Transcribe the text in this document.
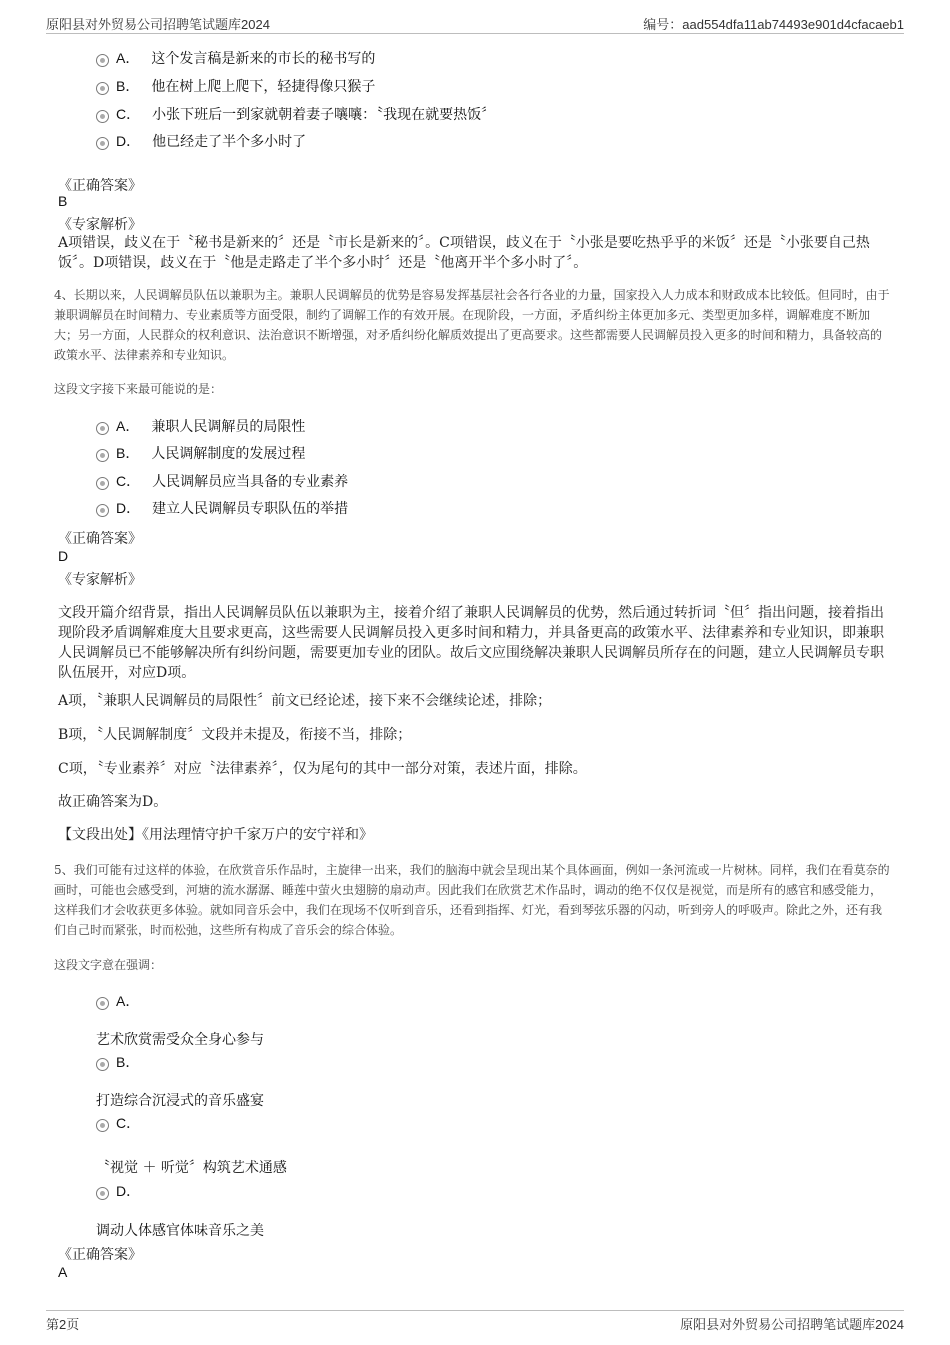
原阳县对外贸易公司招聘笔试题库2024	编号：aad554dfa11ab74493e901d4cfacaeb1
A． 这个发言稿是新来的市长的秘书写的
B． 他在树上爬上爬下，轻捷得像只猴子
C． 小张下班后一到家就朝着妻子嚷嚷：〝我现在就要热饭〞
D． 他已经走了半个多小时了
《正确答案》
B
《专家解析》

A项错误，歧义在于〝秘书是新来的〞还是〝市长是新来的〞。C项错误，歧义在于〝小张是要吃热乎乎的米饭〞还是〝小张要自己热饭〞。D项错误，歧义在于〝他是走路走了半个多小时〞还是〝他离开半个多小时了〞。

4、长期以来，人民调解员队伍以兼职为主。兼职人民调解员的优势是容易发挥基层社会各行各业的力量，国家投入人力成本和财政成本比较低。但同时，由于兼职调解员在时间精力、专业素质等方面受限，制约了调解工作的有效开展。在现阶段，一方面，矛盾纠纷主体更加多元、类型更加多样，调解难度不断加大；另一方面，人民群众的权利意识、法治意识不断增强，对矛盾纠纷化解质效提出了更高要求。这些都需要人民调解员投入更多的时间和精力，具备较高的政策水平、法律素养和专业知识。

这段文字接下来最可能说的是：
A． 兼职人民调解员的局限性
B． 人民调解制度的发展过程
C． 人民调解员应当具备的专业素养
D． 建立人民调解员专职队伍的举措
《正确答案》
D
《专家解析》

文段开篇介绍背景，指出人民调解员队伍以兼职为主，接着介绍了兼职人民调解员的优势，然后通过转折词〝但〞指出问题，接着指出现阶段矛盾调解难度大且要求更高，这些需要人民调解员投入更多时间和精力，并具备更高的政策水平、法律素养和专业知识，即兼职人民调解员已不能够解决所有纠纷问题，需要更加专业的团队。故后文应围绕解决兼职人民调解员所存在的问题，建立人民调解员专职队伍展开，对应D项。

A项，〝兼职人民调解员的局限性〞前文已经论述，接下来不会继续论述，排除；

B项，〝人民调解制度〞文段并未提及，衔接不当，排除；

C项，〝专业素养〞对应〝法律素养〞，仅为尾句的其中一部分对策，表述片面，排除。

故正确答案为D。

【文段出处】《用法理情守护千家万户的安宁祥和》

5、我们可能有过这样的体验，在欣赏音乐作品时，主旋律一出来，我们的脑海中就会呈现出某个具体画面，例如一条河流或一片树林。同样，我们在看莫奈的画时，可能也会感受到，河塘的流水潺潺、睡莲中萤火虫翅膀的扇动声。因此我们在欣赏艺术作品时，调动的绝不仅仅是视觉，而是所有的感官和感受能力，这样我们才会收获更多体验。就如同音乐会中，我们在现场不仅听到音乐，还看到指挥、灯光，看到琴弦乐器的闪动，听到旁人的呼吸声。除此之外，还有我们自己时而紧张，时而松弛，这些所有构成了音乐会的综合体验。

这段文字意在强调：
A．
艺术欣赏需受众全身心参与
B．
打造综合沉浸式的音乐盛宴
C．
〝视觉 ＋ 听觉〞构筑艺术通感
D．
调动人体感官体味音乐之美
《正确答案》
A
第2页	原阳县对外贸易公司招聘笔试题库2024
